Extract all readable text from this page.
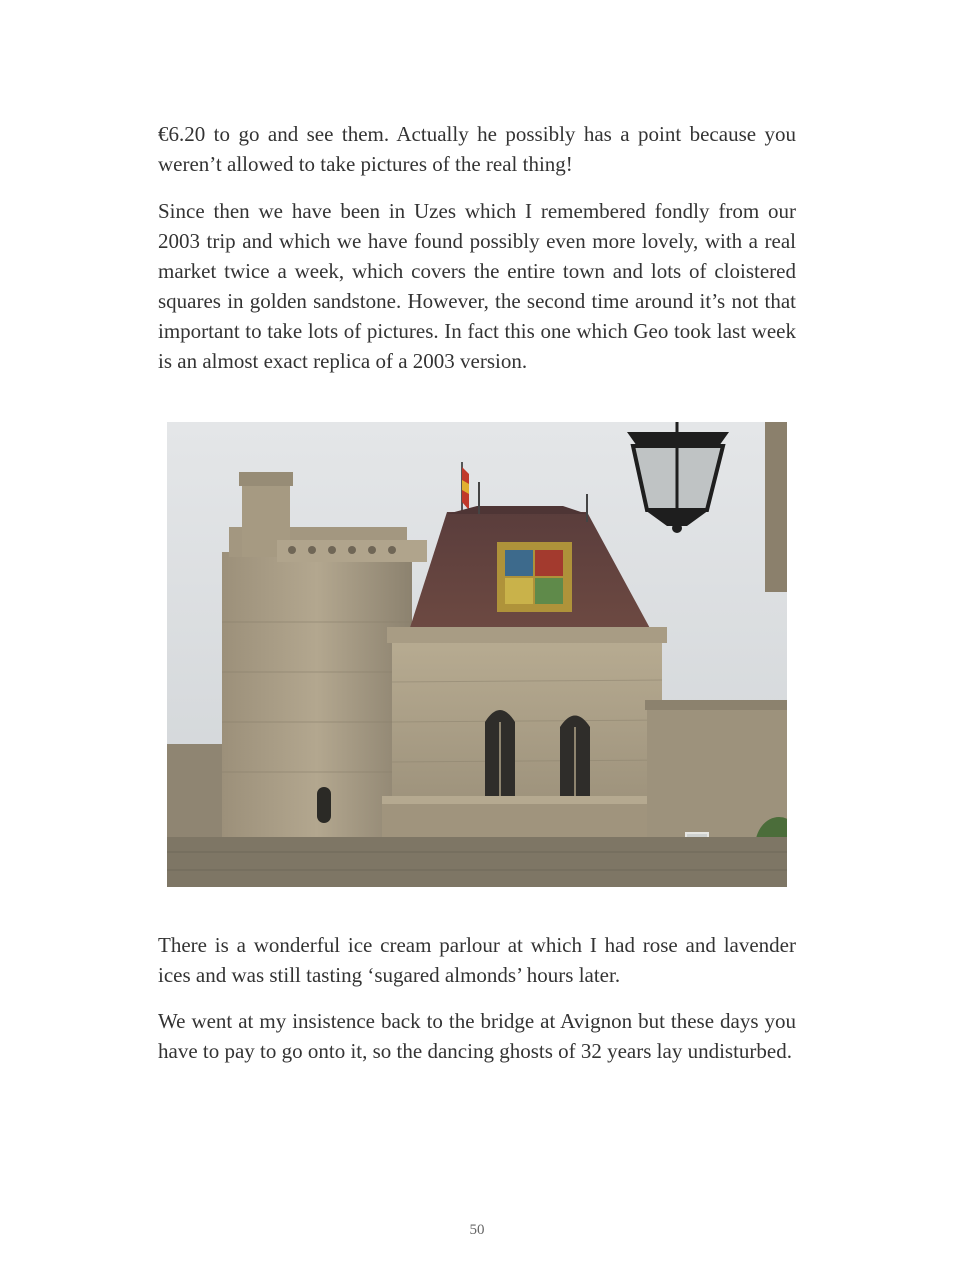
€6.20 to go and see them. Actually he possibly has a point because you weren’t allowed to take pictures of the real thing!

Since then we have been in Uzes which I remembered fondly from our 2003 trip and which we have found possibly even more lovely, with a real market twice a week, which covers the entire town and lots of cloistered squares in golden sandstone. However, the second time around it’s not that important to take lots of pictures. In fact this one which Geo took last week is an almost exact replica of a 2003 version.

There is a wonderful ice cream parlour at which I had rose and lavender ices and was still tasting ‘sugared almonds’ hours later.

We went at my insistence back to the bridge at Avignon but these days you have to pay to go onto it, so the dancing ghosts of 32 years lay undisturbed.

50
